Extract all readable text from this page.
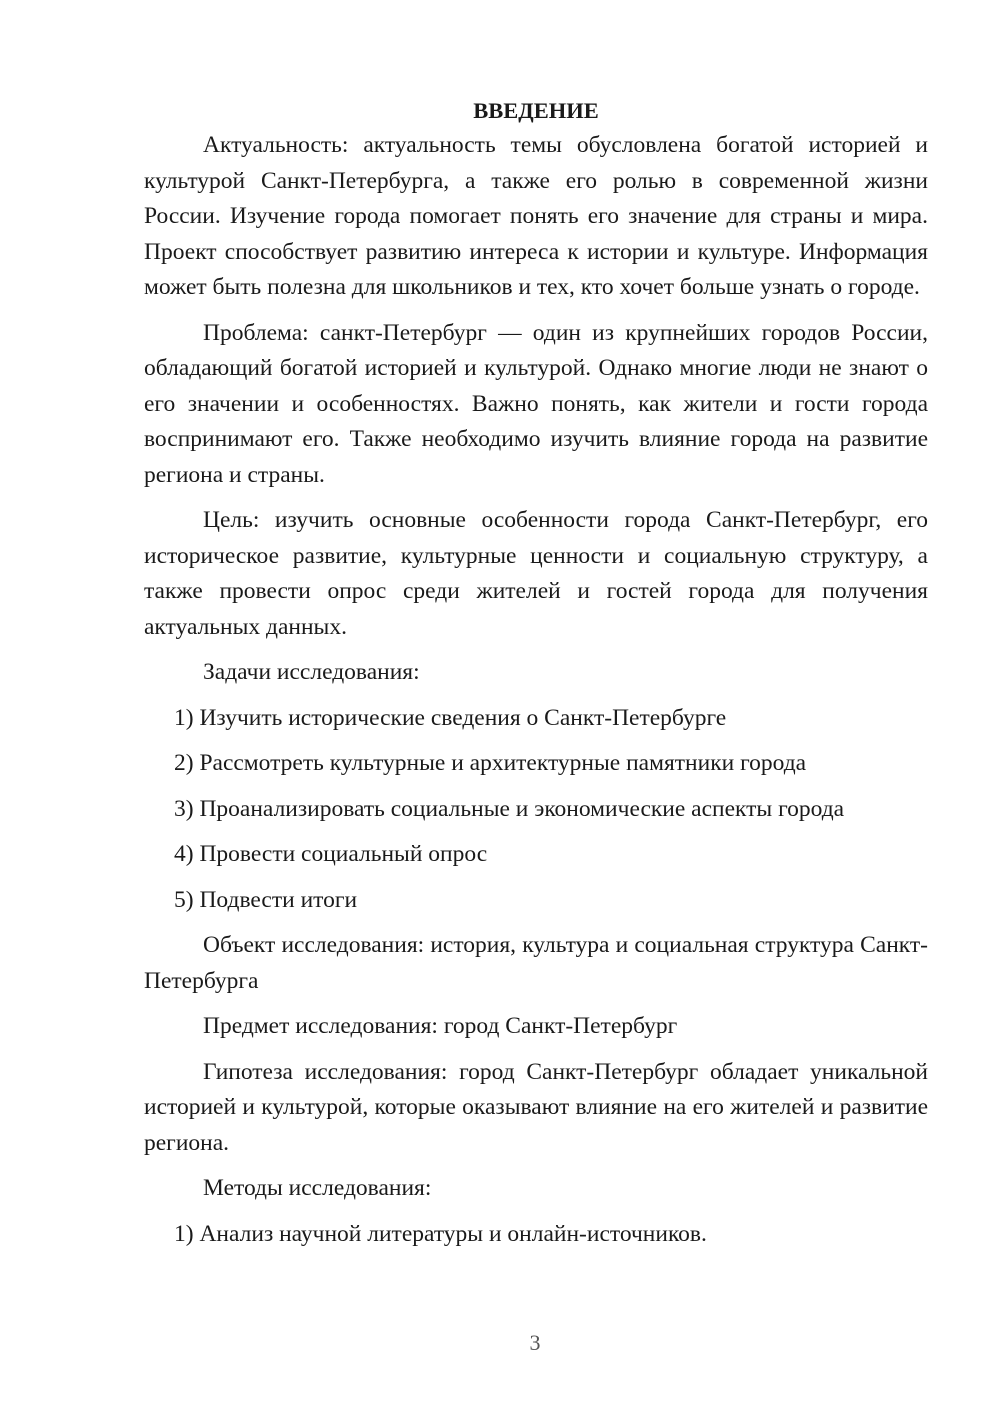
ВВЕДЕНИЕ

Актуальность: актуальность темы обусловлена богатой историей и культурой Санкт-Петербурга, а также его ролью в современной жизни России. Изучение города помогает понять его значение для страны и мира. Проект способствует развитию интереса к истории и культуре. Информация может быть полезна для школьников и тех, кто хочет больше узнать о городе.

Проблема: санкт-Петербург — один из крупнейших городов России, обладающий богатой историей и культурой. Однако многие люди не знают о его значении и особенностях. Важно понять, как жители и гости города воспринимают его. Также необходимо изучить влияние города на развитие региона и страны.

Цель: изучить основные особенности города Санкт-Петербург, его историческое развитие, культурные ценности и социальную структуру, а также провести опрос среди жителей и гостей города для получения актуальных данных.

Задачи исследования:
1) Изучить исторические сведения о Санкт-Петербурге
2) Рассмотреть культурные и архитектурные памятники города
3) Проанализировать социальные и экономические аспекты города
4) Провести социальный опрос
5) Подвести итоги

Объект исследования: история, культура и социальная структура Санкт-Петербурга

Предмет исследования: город Санкт-Петербург

Гипотеза исследования: город Санкт-Петербург обладает уникальной историей и культурой, которые оказывают влияние на его жителей и развитие региона.

Методы исследования:
1) Анализ научной литературы и онлайн-источников.
3
